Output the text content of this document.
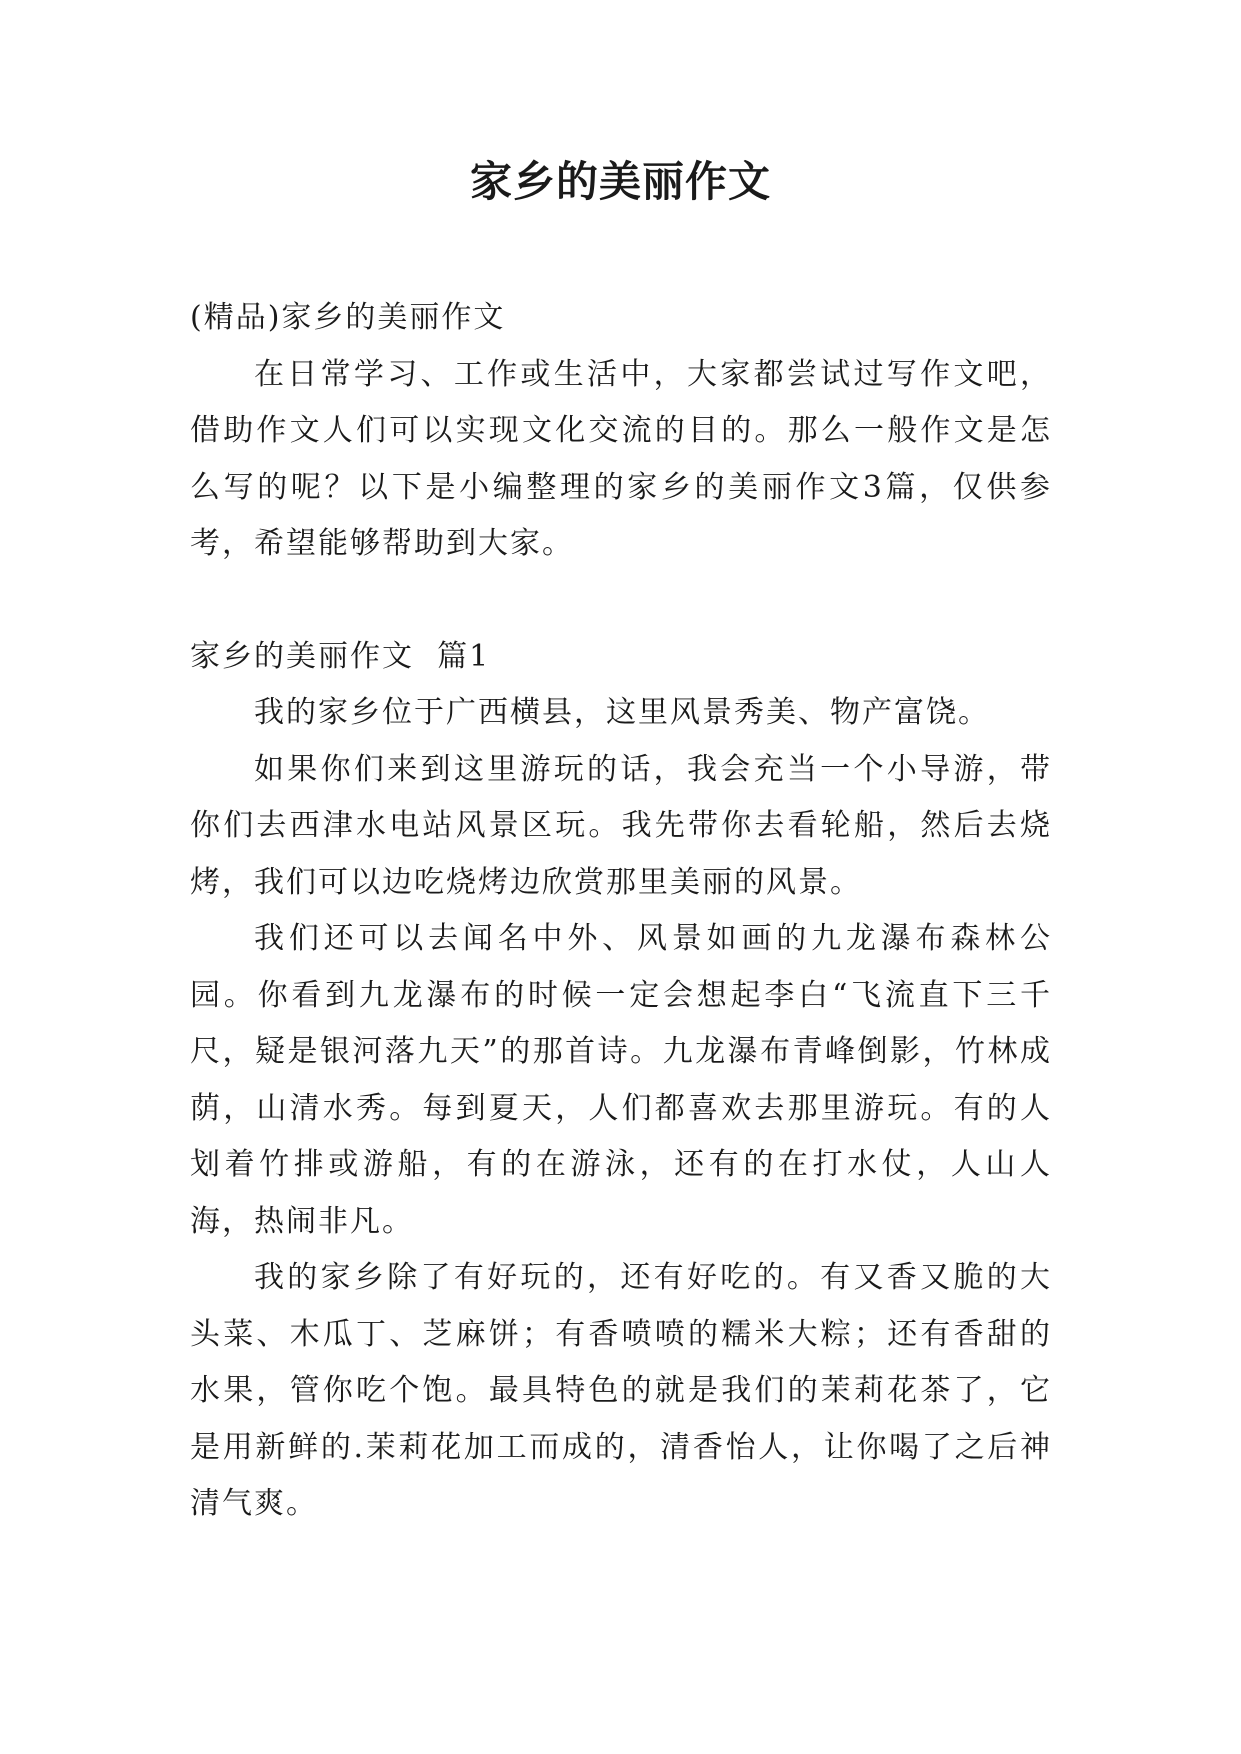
家乡的美丽作文

(精品)家乡的美丽作文

在日常学习、工作或生活中，大家都尝试过写作文吧，借助作文人们可以实现文化交流的目的。那么一般作文是怎么写的呢？以下是小编整理的家乡的美丽作文3篇，仅供参考，希望能够帮助到大家。

家乡的美丽作文  篇1

我的家乡位于广西横县，这里风景秀美、物产富饶。

如果你们来到这里游玩的话，我会充当一个小导游，带你们去西津水电站风景区玩。我先带你去看轮船，然后去烧烤，我们可以边吃烧烤边欣赏那里美丽的风景。

我们还可以去闻名中外、风景如画的九龙瀑布森林公园。你看到九龙瀑布的时候一定会想起李白“飞流直下三千尺，疑是银河落九天”的那首诗。九龙瀑布青峰倒影，竹林成荫，山清水秀。每到夏天，人们都喜欢去那里游玩。有的人划着竹排或游船，有的在游泳，还有的在打水仗，人山人海，热闹非凡。

我的家乡除了有好玩的，还有好吃的。有又香又脆的大头菜、木瓜丁、芝麻饼；有香喷喷的糯米大粽；还有香甜的水果，管你吃个饱。最具特色的就是我们的茉莉花茶了，它是用新鲜的.茉莉花加工而成的，清香怡人，让你喝了之后神清气爽。
